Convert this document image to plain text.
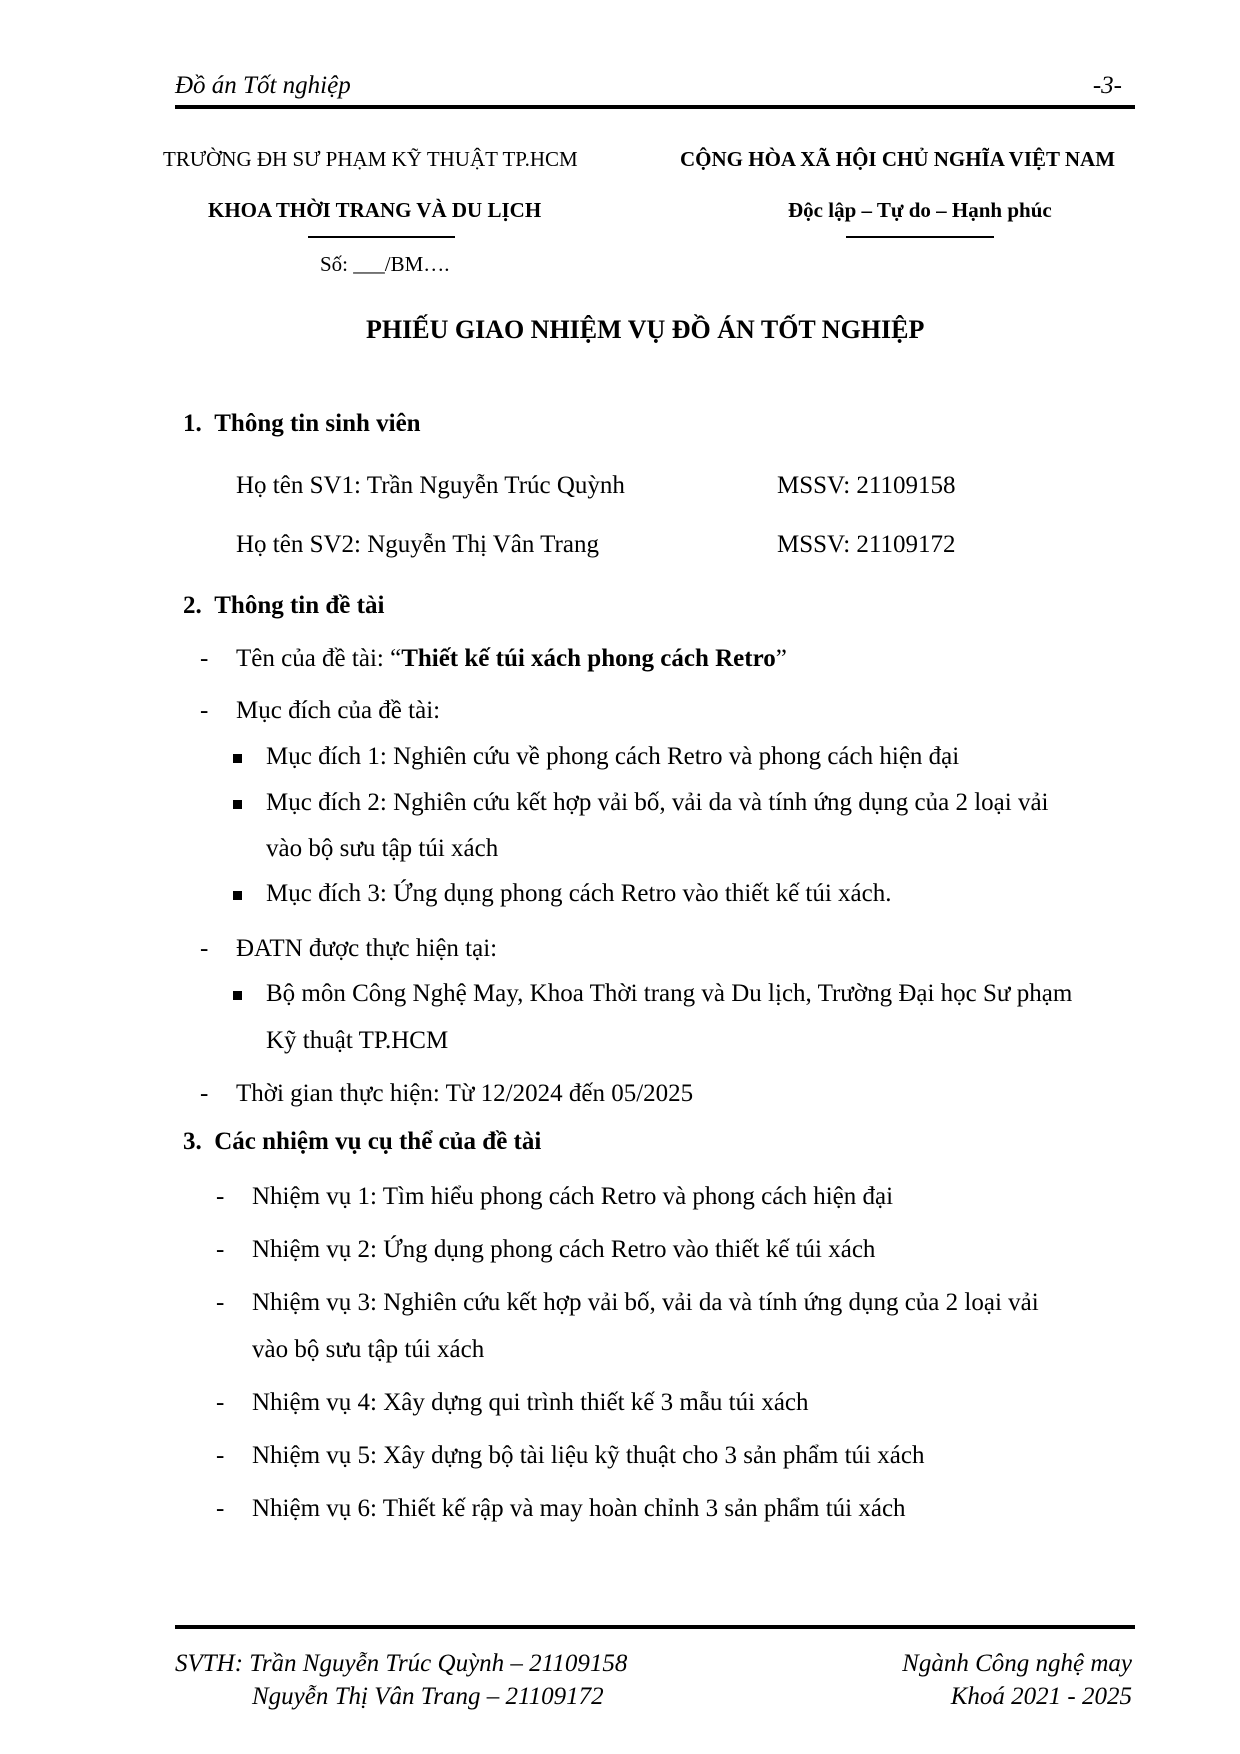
Đồ án Tốt nghiệp	-3-
TRƯỜNG ĐH SƯ PHẠM KỸ THUẬT TP.HCM
KHOA THỜI TRANG VÀ DU LỊCH
Số: ___/BM….
CỘNG HÒA XÃ HỘI CHỦ NGHĨA VIỆT NAM
Độc lập – Tự do – Hạnh phúc
PHIẾU GIAO NHIỆM VỤ ĐỒ ÁN TỐT NGHIỆP
1.  Thông tin sinh viên
Họ tên SV1: Trần Nguyễn Trúc Quỳnh	MSSV: 21109158
Họ tên SV2: Nguyễn Thị Vân Trang	MSSV: 21109172
2.  Thông tin đề tài
- Tên của đề tài: “Thiết kế túi xách phong cách Retro”
- Mục đích của đề tài:
Mục đích 1: Nghiên cứu về phong cách Retro và phong cách hiện đại
Mục đích 2: Nghiên cứu kết hợp vải bố, vải da và tính ứng dụng của 2 loại vải
vào bộ sưu tập túi xách
Mục đích 3: Ứng dụng phong cách Retro vào thiết kế túi xách.
- ĐATN được thực hiện tại:
Bộ môn Công Nghệ May, Khoa Thời trang và Du lịch, Trường Đại học Sư phạm
Kỹ thuật TP.HCM
- Thời gian thực hiện: Từ 12/2024 đến 05/2025
3.  Các nhiệm vụ cụ thể của đề tài
- Nhiệm vụ 1: Tìm hiểu phong cách Retro và phong cách hiện đại
- Nhiệm vụ 2: Ứng dụng phong cách Retro vào thiết kế túi xách
- Nhiệm vụ 3: Nghiên cứu kết hợp vải bố, vải da và tính ứng dụng của 2 loại vải
vào bộ sưu tập túi xách
- Nhiệm vụ 4: Xây dựng qui trình thiết kế 3 mẫu túi xách
- Nhiệm vụ 5: Xây dựng bộ tài liệu kỹ thuật cho 3 sản phẩm túi xách
- Nhiệm vụ 6: Thiết kế rập và may hoàn chỉnh 3 sản phẩm túi xách
SVTH: Trần Nguyễn Trúc Quỳnh – 21109158
Nguyễn Thị Vân Trang – 21109172
Ngành Công nghệ may
Khoá 2021 - 2025
